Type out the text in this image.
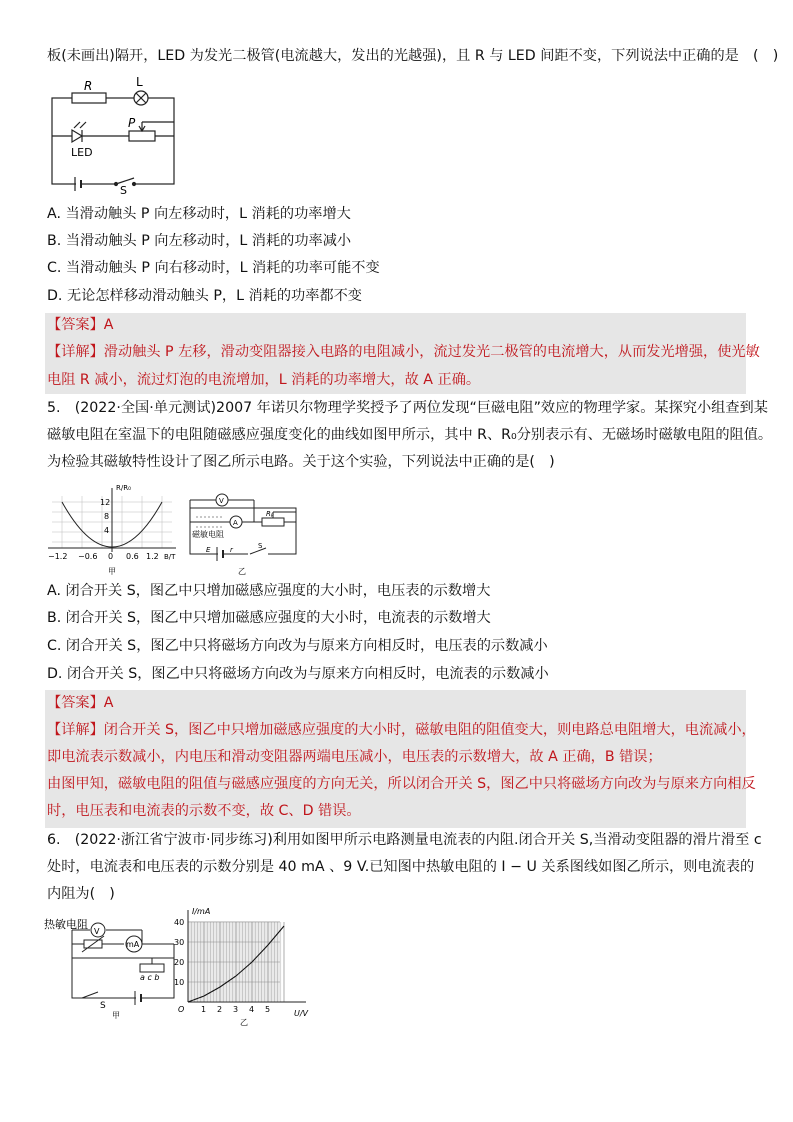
板(未画出)隔开，LED 为发光二极管(电流越大，发出的光越强)，且 R 与 LED 间距不变，下列说法中正确的是　(　)
R	L
P
LED
S
A. 当滑动触头 P 向左移动时，L 消耗的功率增大
B. 当滑动触头 P 向左移动时，L 消耗的功率减小
C. 当滑动触头 P 向右移动时，L 消耗的功率可能不变
D. 无论怎样移动滑动触头 P，L 消耗的功率都不变
【答案】A
【详解】滑动触头 P 左移，滑动变阻器接入电路的电阻减小，流过发光二极管的电流增大，从而发光增强，使光敏
电阻 R 减小，流过灯泡的电流增加，L 消耗的功率增大，故 A 正确。
5.　(2022·全国·单元测试)2007 年诺贝尔物理学奖授予了两位发现“巨磁电阻”效应的物理学家。某探究小组查到某
磁敏电阻在室温下的电阻随磁感应强度变化的曲线如图甲所示，其中 R、R₀分别表示有、无磁场时磁敏电阻的阻值。
为检验其磁敏特性设计了图乙所示电路。关于这个实验，下列说法中正确的是(　)
R/R₀
12
8
4
−1.2 −0.6 0 0.6 1.2 B/T
甲
V
A
磁敏电阻
Rₚ
E	r	S
乙
A. 闭合开关 S，图乙中只增加磁感应强度的大小时，电压表的示数增大
B. 闭合开关 S，图乙中只增加磁感应强度的大小时，电流表的示数增大
C. 闭合开关 S，图乙中只将磁场方向改为与原来方向相反时，电压表的示数减小
D. 闭合开关 S，图乙中只将磁场方向改为与原来方向相反时，电流表的示数减小
【答案】A
【详解】闭合开关 S，图乙中只增加磁感应强度的大小时，磁敏电阻的阻值变大，则电路总电阻增大，电流减小，
即电流表示数减小，内电压和滑动变阻器两端电压减小，电压表的示数增大，故 A 正确，B 错误；
由图甲知，磁敏电阻的阻值与磁感应强度的方向无关，所以闭合开关 S，图乙中只将磁场方向改为与原来方向相反
时，电压表和电流表的示数不变，故 C、D 错误。
6.　(2022·浙江省宁波市·同步练习)利用如图甲所示电路测量电流表的内阻.闭合开关 S,当滑动变阻器的滑片滑至 c
处时，电流表和电压表的示数分别是 40 mA 、9 V.已知图中热敏电阻的 I − U 关系图线如图乙所示，则电流表的
内阻为(　)
热敏电阻
V
mA
a c b
S
甲
I/mA
10
20
30
40
O 1 2 3 4 5	U/V
乙
